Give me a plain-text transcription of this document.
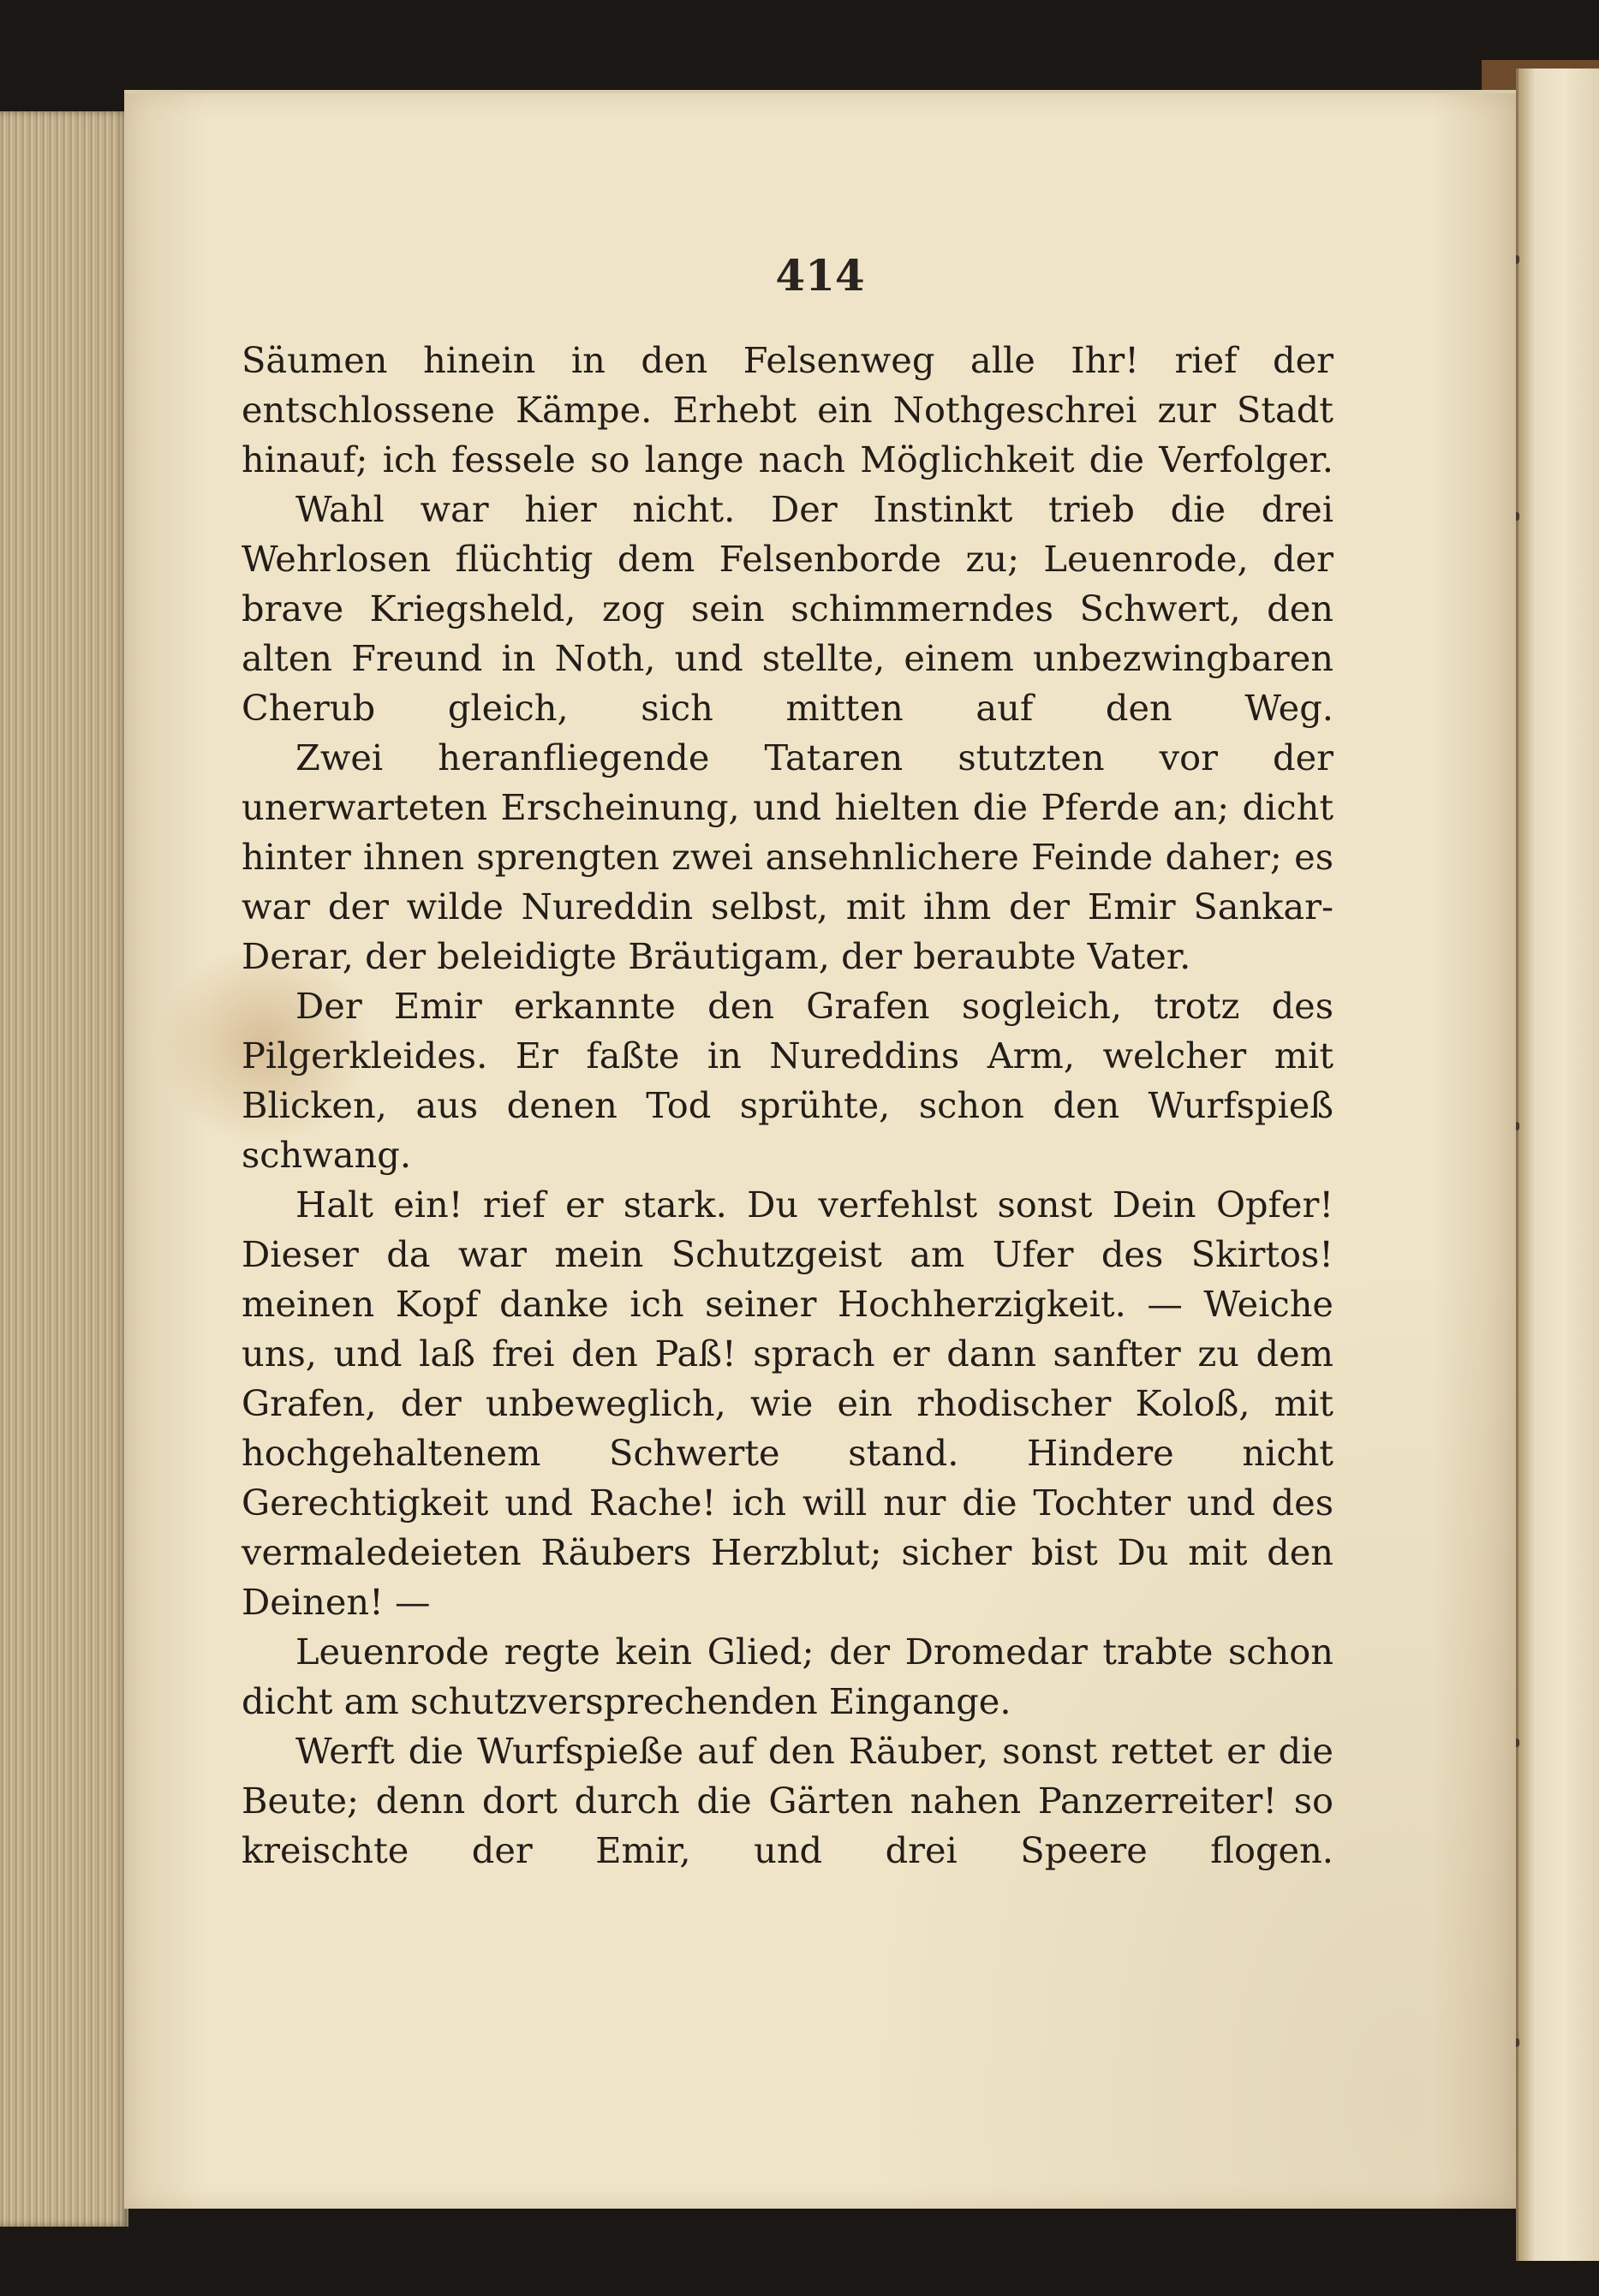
414

Säumen hinein in den Felsenweg alle Ihr! rief der entschlossene Kämpe. Erhebt ein Nothgeschrei zur Stadt hinauf; ich fessele so lange nach Möglichkeit die Verfolger.

Wahl war hier nicht. Der Instinkt trieb die drei Wehrlosen flüchtig dem Felsenborde zu; Leuenrode, der brave Kriegsheld, zog sein schimmerndes Schwert, den alten Freund in Noth, und stellte, einem unbezwingbaren Cherub gleich, sich mitten auf den Weg.

Zwei heranfliegende Tataren stutzten vor der unerwarteten Erscheinung, und hielten die Pferde an; dicht hinter ihnen sprengten zwei ansehnlichere Feinde daher; es war der wilde Nureddin selbst, mit ihm der Emir Sankar-Derar, der beleidigte Bräutigam, der beraubte Vater.

Der Emir erkannte den Grafen sogleich, trotz des Pilgerkleides. Er faßte in Nureddins Arm, welcher mit Blicken, aus denen Tod sprühte, schon den Wurfspieß schwang.

Halt ein! rief er stark. Du verfehlst sonst Dein Opfer! Dieser da war mein Schutzgeist am Ufer des Skirtos! meinen Kopf danke ich seiner Hochherzigkeit. — Weiche uns, und laß frei den Paß! sprach er dann sanfter zu dem Grafen, der unbeweglich, wie ein rhodischer Koloß, mit hochgehaltenem Schwerte stand. Hindere nicht Gerechtigkeit und Rache! ich will nur die Tochter und des vermaledeieten Räubers Herzblut; sicher bist Du mit den Deinen! —

Leuenrode regte kein Glied; der Dromedar trabte schon dicht am schutzversprechenden Eingange.

Werft die Wurfspieße auf den Räuber, sonst rettet er die Beute; denn dort durch die Gärten nahen Panzerreiter! so kreischte der Emir, und drei Speere flogen.
